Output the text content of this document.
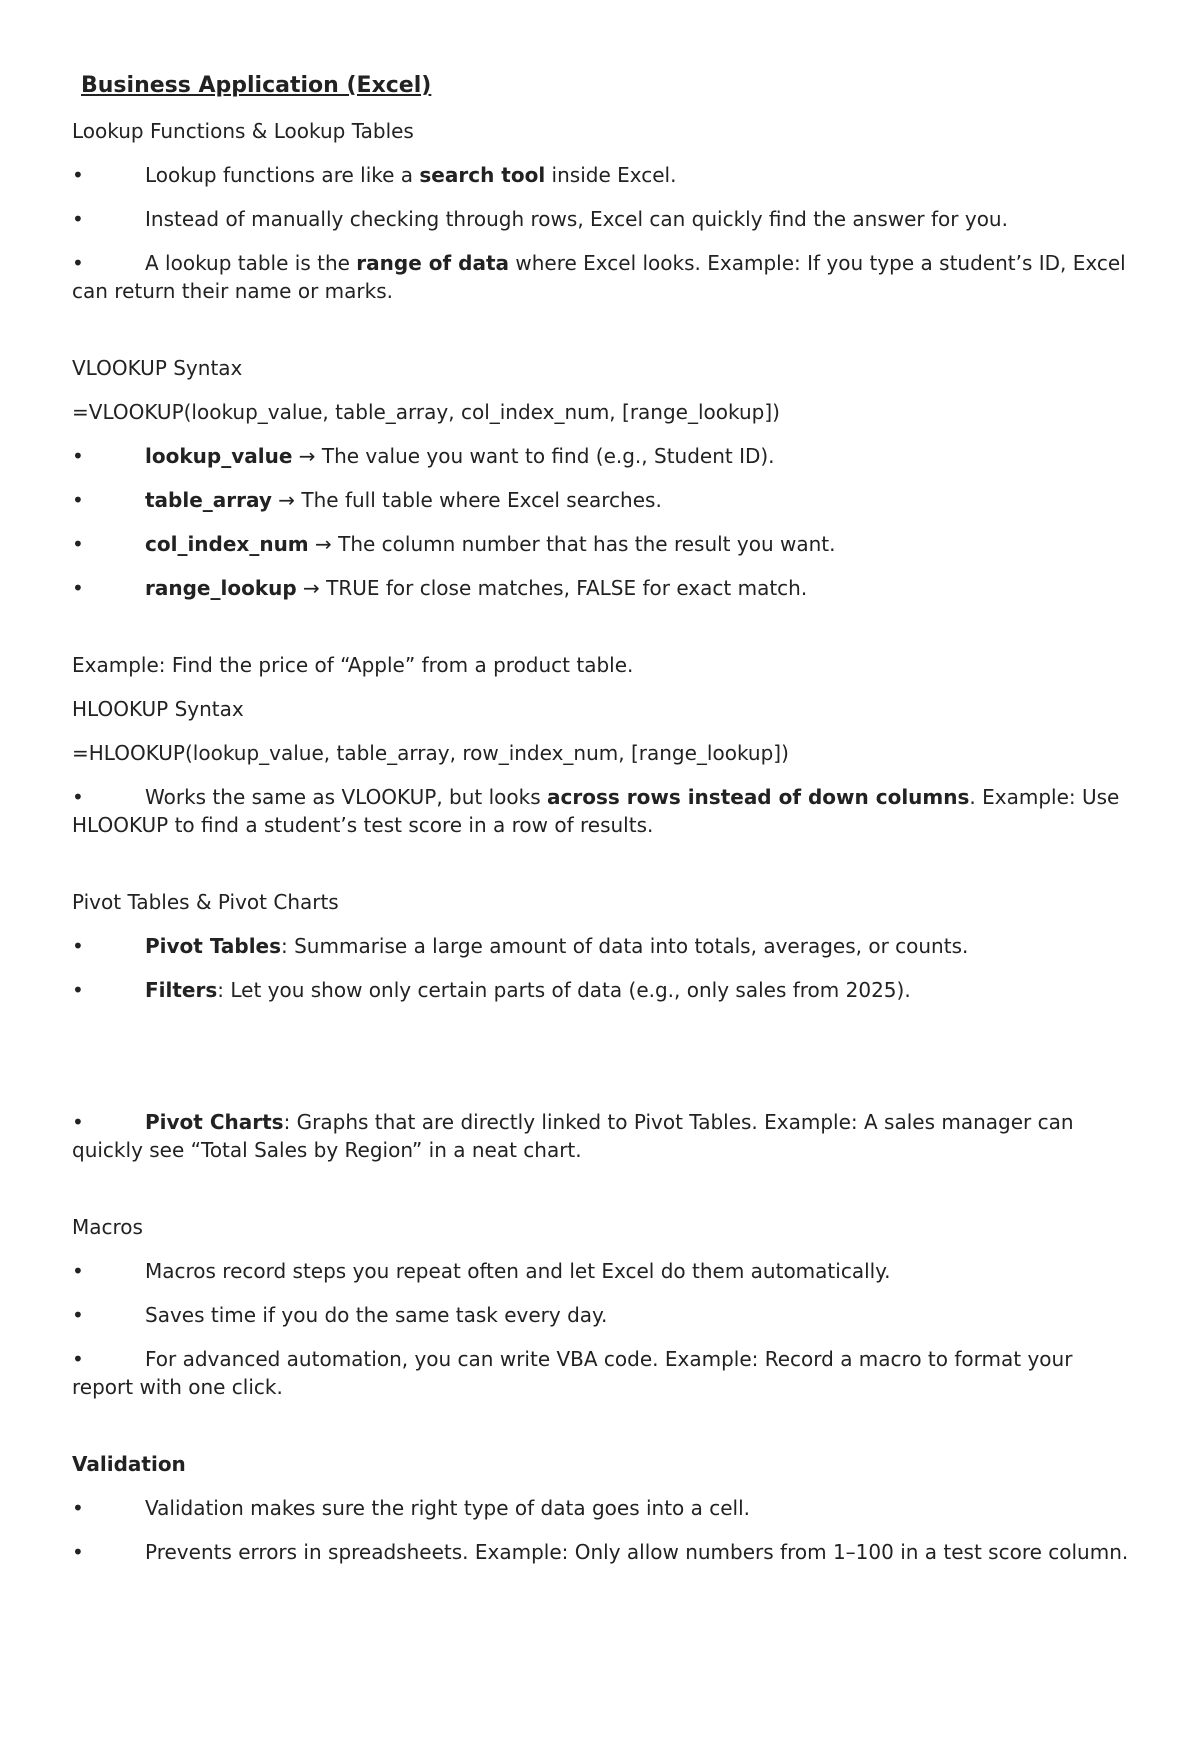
Business Application (Excel)

Lookup Functions & Lookup Tables

•	Lookup functions are like a search tool inside Excel.

•	Instead of manually checking through rows, Excel can quickly find the answer for you.

•	A lookup table is the range of data where Excel looks. Example: If you type a student’s ID, Excel can return their name or marks.

VLOOKUP Syntax

=VLOOKUP(lookup_value, table_array, col_index_num, [range_lookup])

•	lookup_value → The value you want to find (e.g., Student ID).

•	table_array → The full table where Excel searches.

•	col_index_num → The column number that has the result you want.

•	range_lookup → TRUE for close matches, FALSE for exact match.

Example: Find the price of “Apple” from a product table.

HLOOKUP Syntax

=HLOOKUP(lookup_value, table_array, row_index_num, [range_lookup])

•	Works the same as VLOOKUP, but looks across rows instead of down columns. Example: Use HLOOKUP to find a student’s test score in a row of results.

Pivot Tables & Pivot Charts

•	Pivot Tables: Summarise a large amount of data into totals, averages, or counts.

•	Filters: Let you show only certain parts of data (e.g., only sales from 2025).

•	Pivot Charts: Graphs that are directly linked to Pivot Tables. Example: A sales manager can quickly see “Total Sales by Region” in a neat chart.

Macros

•	Macros record steps you repeat often and let Excel do them automatically.

•	Saves time if you do the same task every day.

•	For advanced automation, you can write VBA code. Example: Record a macro to format your report with one click.

Validation

•	Validation makes sure the right type of data goes into a cell.

•	Prevents errors in spreadsheets. Example: Only allow numbers from 1–100 in a test score column.
